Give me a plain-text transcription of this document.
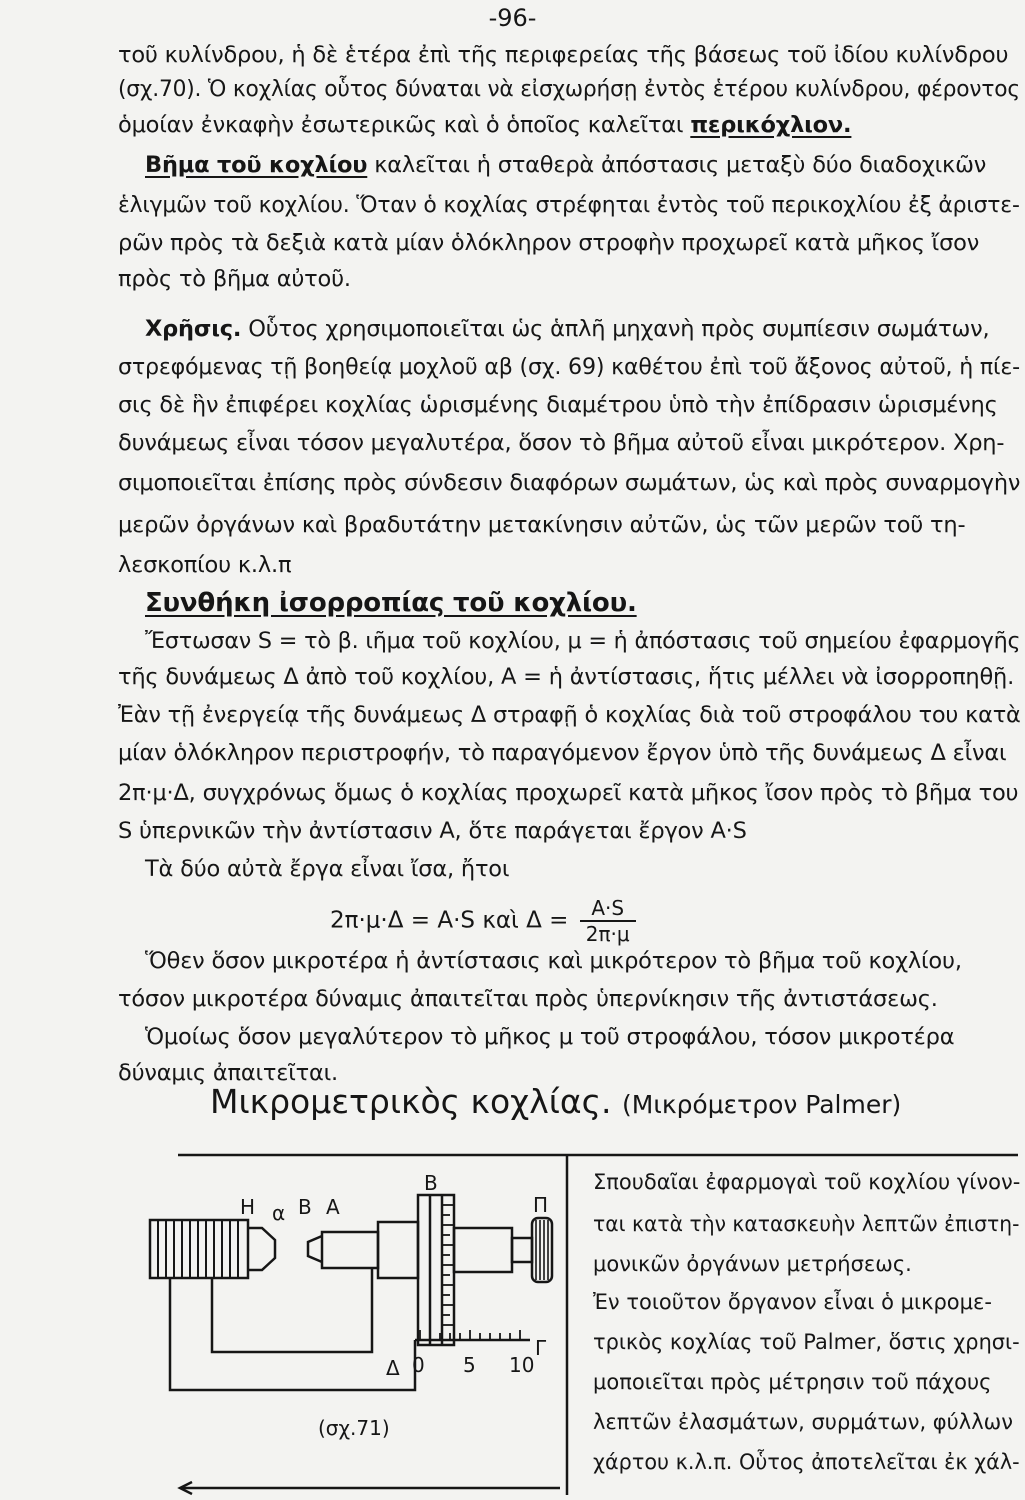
-96-
τοῦ κυλίνδρου, ἡ δὲ ἑτέρα ἐπὶ τῆς περιφερείας τῆς βάσεως τοῦ ἰδίου κυλίνδρου
(σχ.70). Ὁ κοχλίας οὗτος δύναται νὰ εἰσχωρήσῃ ἐντὸς ἑτέρου κυλίνδρου, φέροντος
ὁμοίαν ἐνκαφὴν ἐσωτερικῶς καὶ ὁ ὁποῖος καλεῖται περικόχλιον.
Βῆμα τοῦ κοχλίου καλεῖται ἡ σταθερὰ ἀπόστασις μεταξὺ δύο διαδοχικῶν
ἑλιγμῶν τοῦ κοχλίου. Ὅταν ὁ κοχλίας στρέφηται ἐντὸς τοῦ περικοχλίου ἐξ ἀριστε-
ρῶν πρὸς τὰ δεξιὰ κατὰ μίαν ὁλόκληρον στροφὴν προχωρεῖ κατὰ μῆκος ἴσον
πρὸς τὸ βῆμα αὐτοῦ.
Χρῆσις. Οὗτος χρησιμοποιεῖται ὡς ἁπλῆ μηχανὴ πρὸς συμπίεσιν σωμάτων,
στρεφόμενας τῇ βοηθείᾳ μοχλοῦ αβ (σχ. 69) καθέτου ἐπὶ τοῦ ἄξονος αὐτοῦ, ἡ πίε-
σις δὲ ἣν ἐπιφέρει κοχλίας ὡρισμένης διαμέτρου ὑπὸ τὴν ἐπίδρασιν ὡρισμένης
δυνάμεως εἶναι τόσον μεγαλυτέρα, ὅσον τὸ βῆμα αὐτοῦ εἶναι μικρότερον. Χρη-
σιμοποιεῖται ἐπίσης πρὸς σύνδεσιν διαφόρων σωμάτων, ὡς καὶ πρὸς συναρμογὴν
μερῶν ὀργάνων καὶ βραδυτάτην μετακίνησιν αὐτῶν, ὡς τῶν μερῶν τοῦ τη-
λεσκοπίου κ.λ.π
Συνθήκη ἰσορροπίας τοῦ κοχλίου.
Ἔστωσαν S = τὸ β. ιῆμα τοῦ κοχλίου, μ = ἡ ἀπόστασις τοῦ σημείου ἐφαρμογῆς
τῆς δυνάμεως Δ ἀπὸ τοῦ κοχλίου, Α = ἡ ἀντίστασις, ἥτις μέλλει νὰ ἰσορροπηθῇ.
Ἐὰν τῇ ἐνεργείᾳ τῆς δυνάμεως Δ στραφῇ ὁ κοχλίας διὰ τοῦ στροφάλου του κατὰ
μίαν ὁλόκληρον περιστροφήν, τὸ παραγόμενον ἔργον ὑπὸ τῆς δυνάμεως Δ εἶναι
2π·μ·Δ, συγχρόνως ὅμως ὁ κοχλίας προχωρεῖ κατὰ μῆκος ἴσον πρὸς τὸ βῆμα του
S ὑπερνικῶν τὴν ἀντίστασιν Α, ὅτε παράγεται ἔργον Α·S
Τὰ δύο αὐτὰ ἔργα εἶναι ἴσα, ἤτοι
2π·μ·Δ = Α·S καὶ $\Delta = \frac{A\cdot S}{2\pi\cdot\mu}$
Ὅθεν ὅσον μικροτέρα ἡ ἀντίστασις καὶ μικρότερον τὸ βῆμα τοῦ κοχλίου,
τόσον μικροτέρα δύναμις ἀπαιτεῖται πρὸς ὑπερνίκησιν τῆς ἀντιστάσεως.
Ὁμοίως ὅσον μεγαλύτερον τὸ μῆκος μ τοῦ στροφάλου, τόσον μικροτέρα
δύναμις ἀπαιτεῖται.
Μικρομετρικὸς κοχλίας. (Μικρόμετρον Palmer)
Η α Β Α
Β
Π
Δ
Γ
0 5 10
(σχ.71)
Σπουδαῖαι ἐφαρμογαὶ τοῦ κοχλίου γίνον-
ται κατὰ τὴν κατασκευὴν λεπτῶν ἐπιστη-
μονικῶν ὀργάνων μετρήσεως.
Ἐν τοιοῦτον ὄργανον εἶναι ὁ μικρομε-
τρικὸς κοχλίας τοῦ Palmer, ὅστις χρησι-
μοποιεῖται πρὸς μέτρησιν τοῦ πάχους
λεπτῶν ἐλασμάτων, συρμάτων, φύλλων
χάρτου κ.λ.π. Οὗτος ἀποτελεῖται ἐκ χάλ-
